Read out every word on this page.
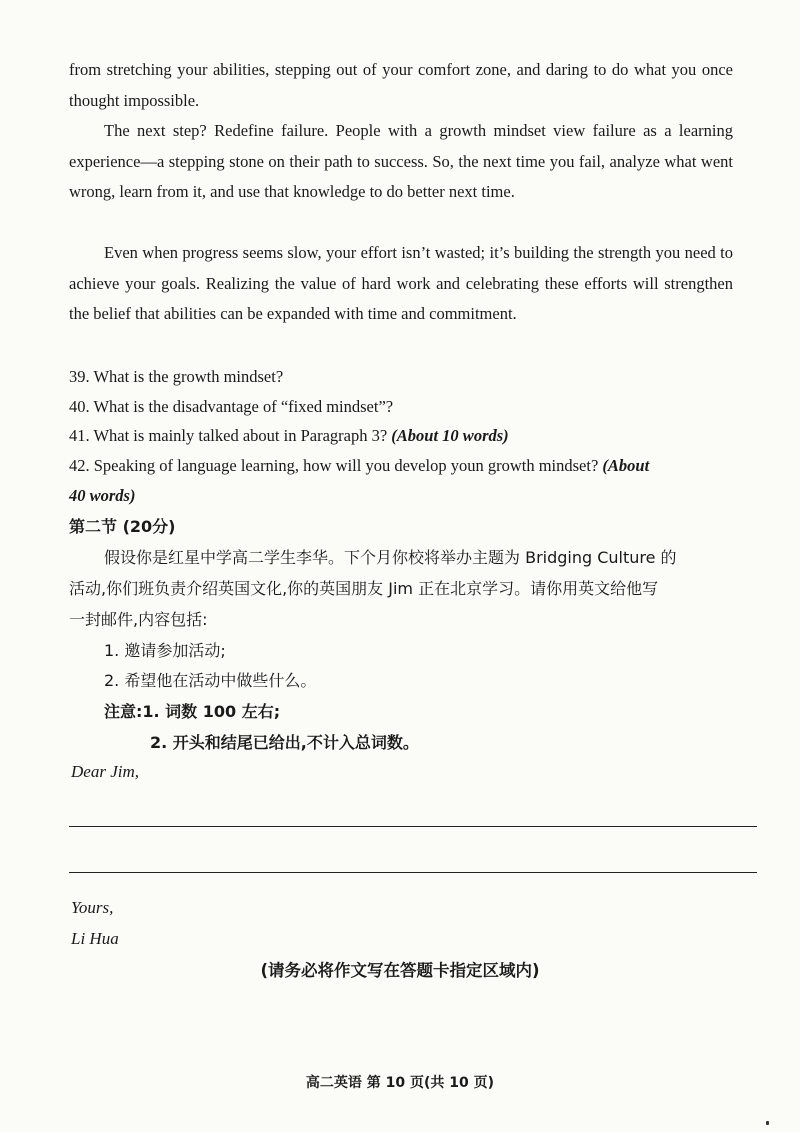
from stretching your abilities, stepping out of your comfort zone, and daring to do what you once thought impossible.
The next step? Redefine failure. People with a growth mindset view failure as a learning experience—a stepping stone on their path to success. So, the next time you fail, analyze what went wrong, learn from it, and use that knowledge to do better next time.
Even when progress seems slow, your effort isn’t wasted; it’s building the strength you need to achieve your goals. Realizing the value of hard work and celebrating these efforts will strengthen the belief that abilities can be expanded with time and commitment.
39. What is the growth mindset?
40. What is the disadvantage of “fixed mindset”?
41. What is mainly talked about in Paragraph 3? (About 10 words)
42. Speaking of language learning, how will you develop youn growth mindset? (About
40 words)
第二节 (20分)
假设你是红星中学高二学生李华。下个月你校将举办主题为 Bridging Culture 的
活动,你们班负责介绍英国文化,你的英国朋友 Jim 正在北京学习。请你用英文给他写
一封邮件,内容包括:
1. 邀请参加活动;
2. 希望他在活动中做些什么。
注意:1. 词数 100 左右;
2. 开头和结尾已给出,不计入总词数。
Dear Jim,
Yours,
Li Hua
(请务必将作文写在答题卡指定区域内)
高二英语 第 10 页(共 10 页)
